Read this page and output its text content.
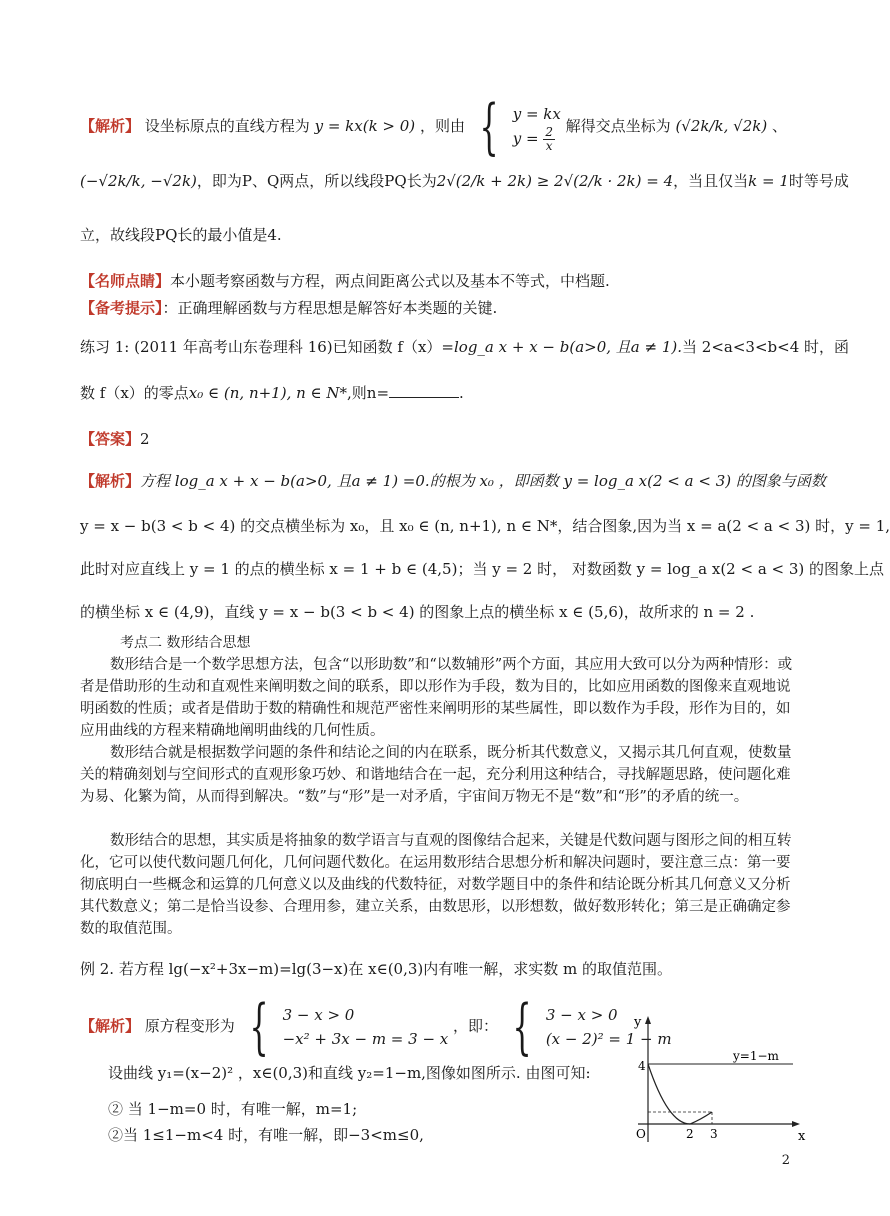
【解析】 设坐标原点的直线方程为 y = kx(k > 0) ，则由 { y = kx
$y = \frac{2}{x}$ 解得交点坐标为 (√2k/k, √2k) 、
(−√2k/k, −√2k)，即为P、Q两点，所以线段PQ长为2√(2/k + 2k) ≥ 2√(2/k · 2k) = 4，当且仅当k = 1时等号成
立，故线段PQ长的最小值是4.
【名师点睛】本小题考察函数与方程，两点间距离公式以及基本不等式，中档题.
【备考提示】：正确理解函数与方程思想是解答好本类题的关键.
练习 1: (2011 年高考山东卷理科 16)已知函数 f（x）=log_a x + x − b(a>0, 且a ≠ 1).当 2<a<3<b<4 时，函
数 f（x）的零点x₀ ∈ (n, n+1), n ∈ N*,则n=	.
【答案】2
【解析】方程 log_a x + x − b(a>0, 且a ≠ 1) =0.的根为 x₀ ，即函数 y = log_a x(2 < a < 3) 的图象与函数
y = x − b(3 < b < 4) 的交点横坐标为 x₀，且 x₀ ∈ (n, n+1), n ∈ N*，结合图象,因为当 x = a(2 < a < 3) 时，y = 1,
此时对应直线上 y = 1 的点的横坐标 x = 1 + b ∈ (4,5)；当 y = 2 时， 对数函数 y = log_a x(2 < a < 3) 的图象上点
的横坐标 x ∈ (4,9)，直线 y = x − b(3 < b < 4) 的图象上点的横坐标 x ∈ (5,6)，故所求的 n = 2 .
考点二 数形结合思想
数形结合是一个数学思想方法，包含“以形助数”和“以数辅形”两个方面，其应用大致可以分为两种情形：或者是借助形的生动和直观性来阐明数之间的联系，即以形作为手段，数为目的，比如应用函数的图像来直观地说明函数的性质；或者是借助于数的精确性和规范严密性来阐明形的某些属性，即以数作为手段，形作为目的，如应用曲线的方程来精确地阐明曲线的几何性质。
数形结合就是根据数学问题的条件和结论之间的内在联系，既分析其代数意义，又揭示其几何直观，使数量关的精确刻划与空间形式的直观形象巧妙、和谐地结合在一起，充分利用这种结合，寻找解题思路，使问题化难为易、化繁为简，从而得到解决。“数”与“形”是一对矛盾，宇宙间万物无不是“数”和“形”的矛盾的统一。
数形结合的思想，其实质是将抽象的数学语言与直观的图像结合起来，关键是代数问题与图形之间的相互转化，它可以使代数问题几何化，几何问题代数化。在运用数形结合思想分析和解决问题时，要注意三点：第一要彻底明白一些概念和运算的几何意义以及曲线的代数特征，对数学题目中的条件和结论既分析其几何意义又分析其代数意义；第二是恰当设参、合理用参，建立关系，由数思形，以形想数，做好数形转化；第三是正确确定参数的取值范围。
例 2. 若方程 lg(−x²+3x−m)=lg(3−x)在 x∈(0,3)内有唯一解，求实数 m 的取值范围。
【解析】 原方程变形为 { 3 − x > 0
−x² + 3x − m = 3 − x
，即： { 3 − x > 0
(x − 2)² = 1 − m
设曲线 y₁=(x−2)² ，x∈(0,3)和直线 y₂=1−m,图像如图所示. 由图可知:
② 当 1−m=0 时，有唯一解，m=1;
②当 1≤1−m<4 时，有唯一解，即−3<m≤0,
y
x
y=1−m
O	2 3
4
2
